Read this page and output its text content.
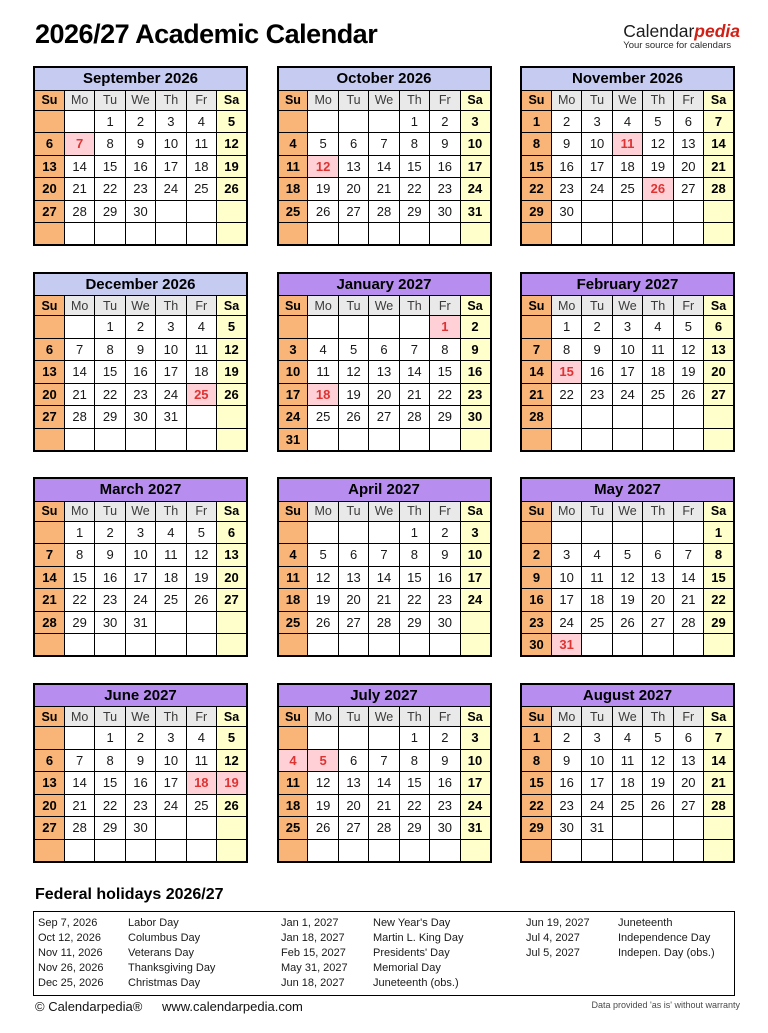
2026/27 Academic Calendar	Calendarpedia
Your source for calendars
September 2026						
Su	Mo	Tu	We	Th	Fr	Sa
		1	2	3	4	5
6	7	8	9	10	11	12
13	14	15	16	17	18	19
20	21	22	23	24	25	26
27	28	29	30			

October 2026						
Su	Mo	Tu	We	Th	Fr	Sa
				1	2	3
4	5	6	7	8	9	10
11	12	13	14	15	16	17
18	19	20	21	22	23	24
25	26	27	28	29	30	31

November 2026						
Su	Mo	Tu	We	Th	Fr	Sa
1	2	3	4	5	6	7
8	9	10	11	12	13	14
15	16	17	18	19	20	21
22	23	24	25	26	27	28
29	30					

December 2026						
Su	Mo	Tu	We	Th	Fr	Sa
		1	2	3	4	5
6	7	8	9	10	11	12
13	14	15	16	17	18	19
20	21	22	23	24	25	26
27	28	29	30	31		

January 2027						
Su	Mo	Tu	We	Th	Fr	Sa
					1	2
3	4	5	6	7	8	9
10	11	12	13	14	15	16
17	18	19	20	21	22	23
24	25	26	27	28	29	30
31						
February 2027						
Su	Mo	Tu	We	Th	Fr	Sa
	1	2	3	4	5	6
7	8	9	10	11	12	13
14	15	16	17	18	19	20
21	22	23	24	25	26	27
28						

March 2027						
Su	Mo	Tu	We	Th	Fr	Sa
	1	2	3	4	5	6
7	8	9	10	11	12	13
14	15	16	17	18	19	20
21	22	23	24	25	26	27
28	29	30	31			

April 2027						
Su	Mo	Tu	We	Th	Fr	Sa
				1	2	3
4	5	6	7	8	9	10
11	12	13	14	15	16	17
18	19	20	21	22	23	24
25	26	27	28	29	30	

May 2027						
Su	Mo	Tu	We	Th	Fr	Sa
						1
2	3	4	5	6	7	8
9	10	11	12	13	14	15
16	17	18	19	20	21	22
23	24	25	26	27	28	29
30	31					
June 2027						
Su	Mo	Tu	We	Th	Fr	Sa
		1	2	3	4	5
6	7	8	9	10	11	12
13	14	15	16	17	18	19
20	21	22	23	24	25	26
27	28	29	30			

July 2027						
Su	Mo	Tu	We	Th	Fr	Sa
				1	2	3
4	5	6	7	8	9	10
11	12	13	14	15	16	17
18	19	20	21	22	23	24
25	26	27	28	29	30	31

August 2027						
Su	Mo	Tu	We	Th	Fr	Sa
1	2	3	4	5	6	7
8	9	10	11	12	13	14
15	16	17	18	19	20	21
22	23	24	25	26	27	28
29	30	31				

Federal holidays 2026/27
Sep 7, 2026	Labor Day	Jan 1, 2027	New Year's Day	Jun 19, 2027	Juneteenth
Oct 12, 2026	Columbus Day	Jan 18, 2027	Martin L. King Day	Jul 4, 2027	Independence Day
Nov 11, 2026	Veterans Day	Feb 15, 2027	Presidents' Day	Jul 5, 2027	Indepen. Day (obs.)
Nov 26, 2026	Thanksgiving Day	May 31, 2027	Memorial Day
Dec 25, 2026	Christmas Day	Jun 18, 2027	Juneteenth (obs.)
© Calendarpedia® www.calendarpedia.com	Data provided 'as is' without warranty
